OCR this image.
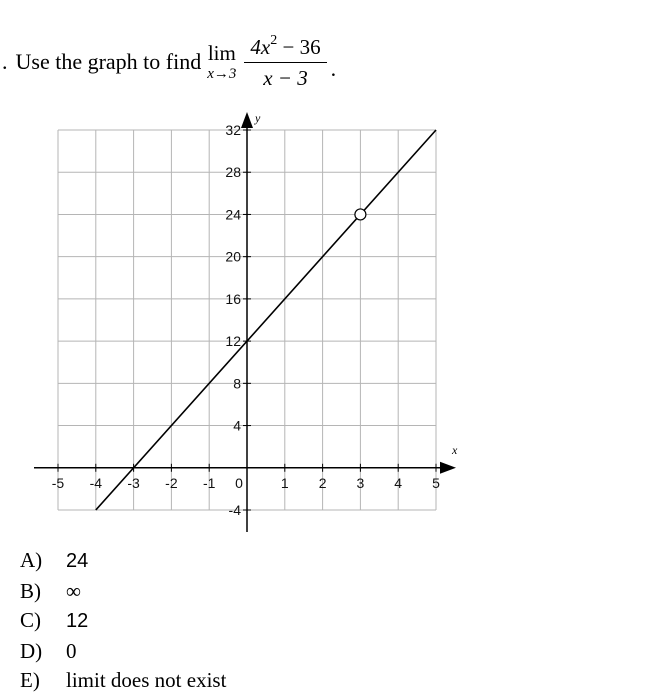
. Use the graph to find lim
$x\to 3 \frac{4x^2 - 36}{x - 3}$ .
x
y
-5 -4 -3 -2 -1 0	1 2 3 4 5
32
28
24
20
16
12
8
4
-4
A)	24
B)	∞
C)	12
D)	0
E)	limit does not exist
